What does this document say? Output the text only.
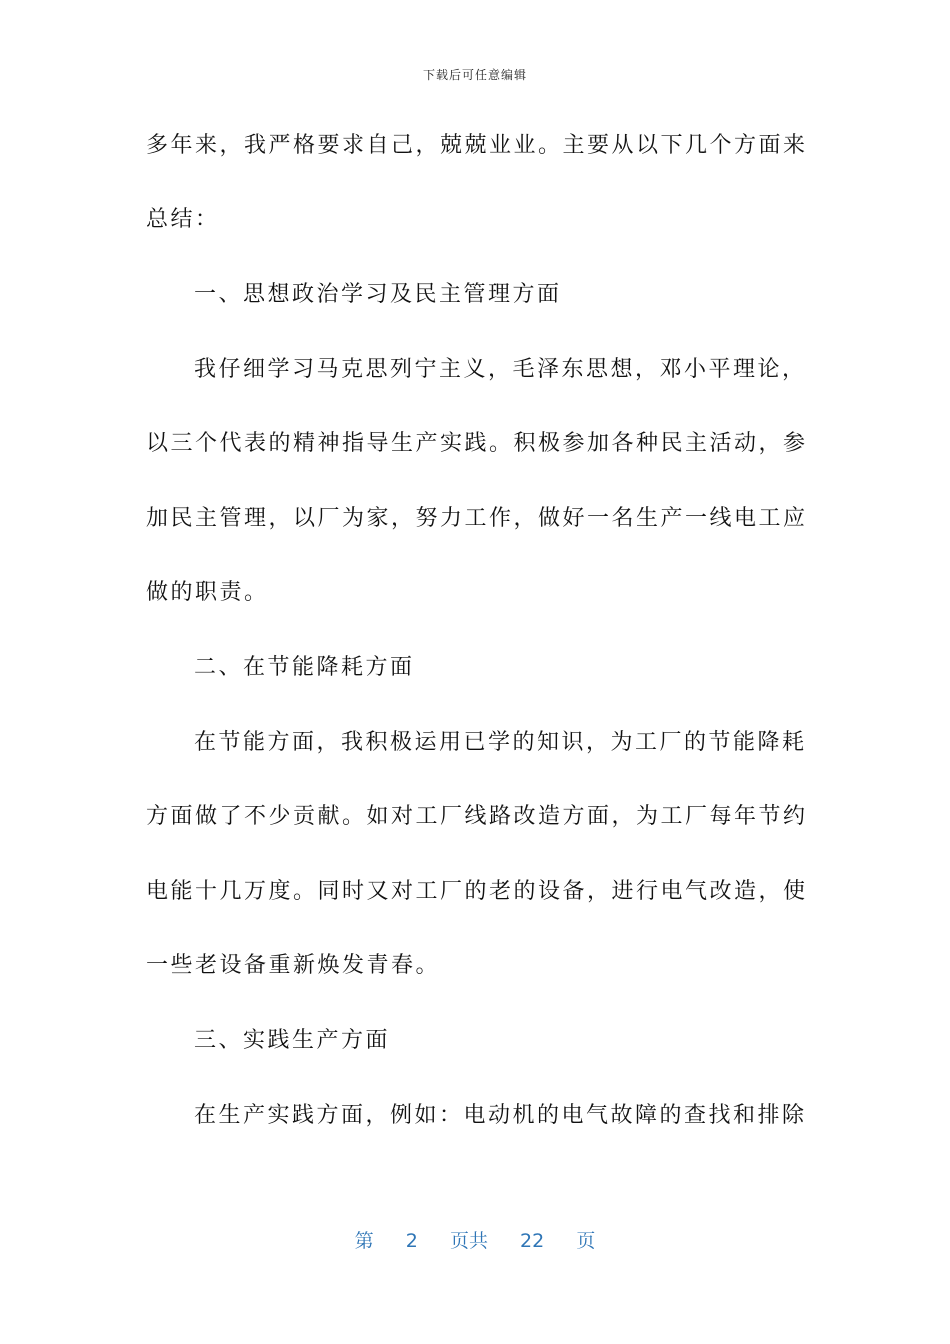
下载后可任意编辑
多年来，我严格要求自己，兢兢业业。主要从以下几个方面来
总结：
一、思想政治学习及民主管理方面
我仔细学习马克思列宁主义，毛泽东思想，邓小平理论，
以三个代表的精神指导生产实践。积极参加各种民主活动，参
加民主管理，以厂为家，努力工作，做好一名生产一线电工应
做的职责。
二、在节能降耗方面
在节能方面，我积极运用已学的知识，为工厂的节能降耗
方面做了不少贡献。如对工厂线路改造方面，为工厂每年节约
电能十几万度。同时又对工厂的老的设备，进行电气改造，使
一些老设备重新焕发青春。
三、实践生产方面
在生产实践方面，例如：电动机的电气故障的查找和排除
第 2 页共 22 页
